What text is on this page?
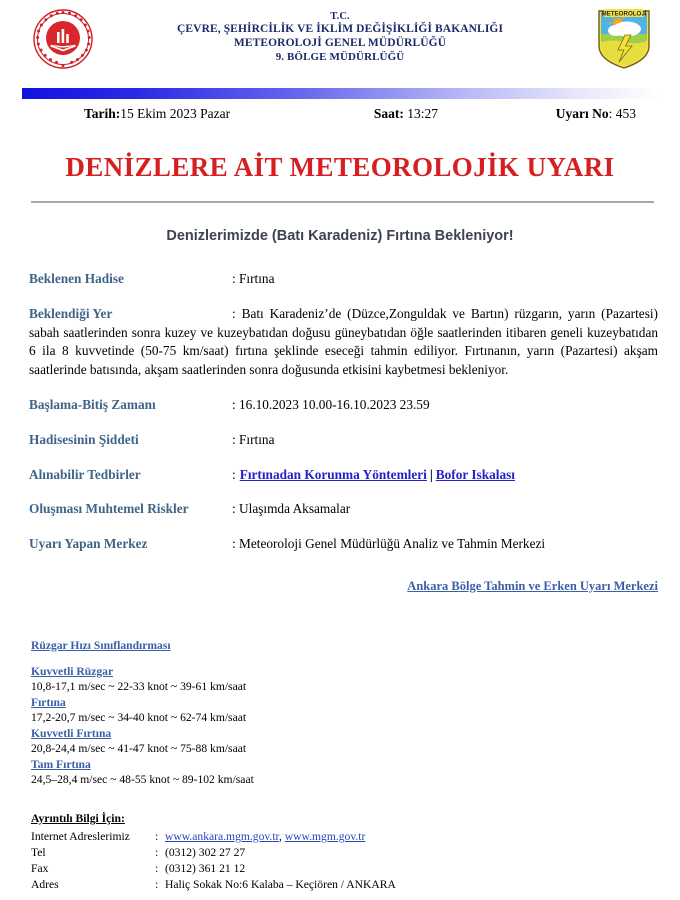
T.C.
ÇEVRE, ŞEHİRCİLİK VE İKLİM DEĞİŞİKLİĞİ BAKANLIĞI
METEOROLOJİ GENEL MÜDÜRLÜĞÜ
9. BÖLGE MÜDÜRLÜĞÜ
METEOROLOJİ
Tarih:15 Ekim 2023 Pazar	Saat: 13:27	Uyarı No: 453
DENİZLERE AİT METEOROLOJİK UYARI
Denizlerimizde (Batı Karadeniz) Fırtına Bekleniyor!
Beklenen Hadise	: Fırtına
Beklendiği Yer	: Batı Karadeniz’de (Düzce,Zonguldak ve Bartın) rüzgarın, yarın (Pazartesi) sabah saatlerinden sonra kuzey ve kuzeybatıdan doğusu güneybatıdan öğle saatlerinden itibaren geneli kuzeybatıdan 6 ila 8 kuvvetinde (50-75 km/saat) fırtına şeklinde eseceği tahmin ediliyor. Fırtınanın, yarın (Pazartesi) akşam saatlerinde batısında, akşam saatlerinden sonra doğusunda etkisini kaybetmesi bekleniyor.
Başlama-Bitiş Zamanı	: 16.10.2023 10.00-16.10.2023 23.59
Hadisesinin Şiddeti	: Fırtına
Alınabilir Tedbirler	: Fırtınadan Korunma Yöntemleri | Bofor Iskalası
Oluşması Muhtemel Riskler	: Ulaşımda Aksamalar
Uyarı Yapan Merkez	: Meteoroloji Genel Müdürlüğü Analiz ve Tahmin Merkezi
Ankara Bölge Tahmin ve Erken Uyarı Merkezi
Rüzgar Hızı Sınıflandırması
Kuvvetli Rüzgar
10,8-17,1 m/sec ~ 22-33 knot ~ 39-61 km/saat
Fırtına
17,2-20,7 m/sec ~ 34-40 knot ~ 62-74 km/saat
Kuvvetli Fırtına
20,8-24,4 m/sec ~ 41-47 knot ~ 75-88 km/saat
Tam Fırtına
24,5–28,4 m/sec ~ 48-55 knot ~ 89-102 km/saat
Ayrıntılı Bilgi İçin:
Internet Adreslerimiz : www.ankara.mgm.gov.tr, www.mgm.gov.tr
Tel	: (0312) 302 27 27
Fax	: (0312) 361 21 12
Adres	: Haliç Sokak No:6 Kalaba – Keçiören / ANKARA
